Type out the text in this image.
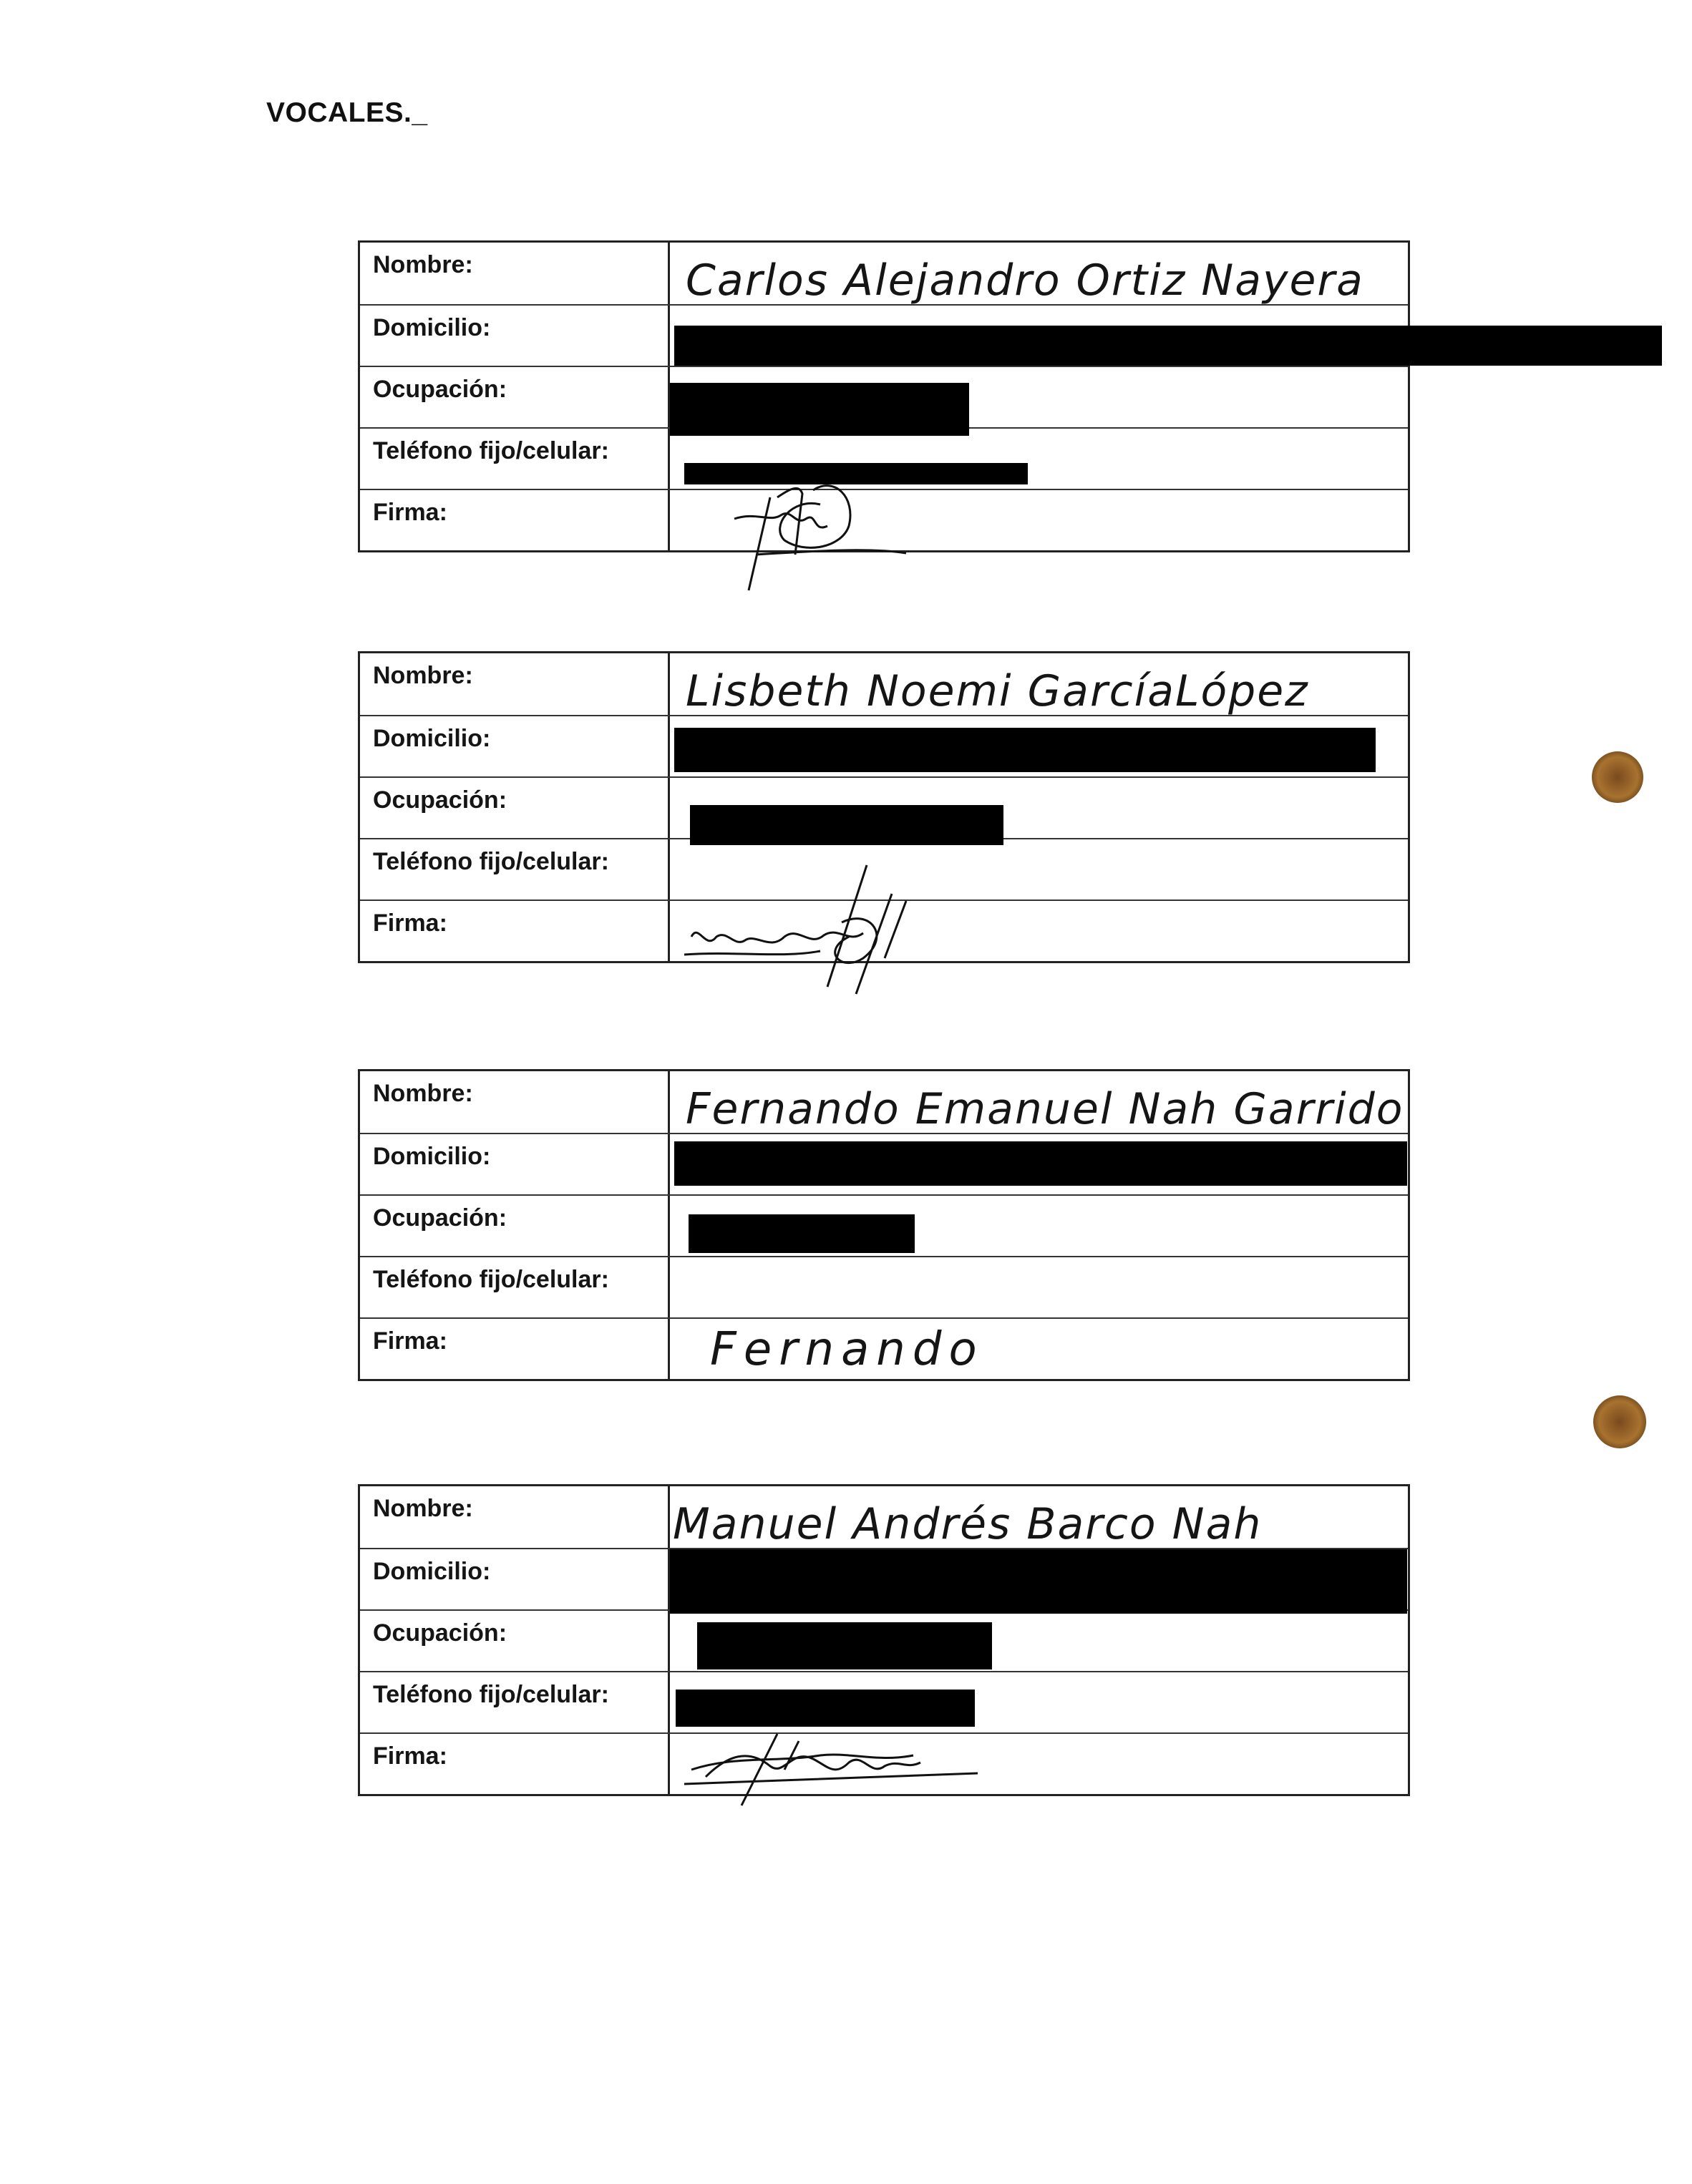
VOCALES._
Nombre:	Carlos Alejandro Ortiz Nayera
Domicilio:
Ocupación:
Teléfono fijo/celular:
Firma:
Nombre:	Lisbeth Noemi GarcíaLópez
Domicilio:
Ocupación:
Teléfono fijo/celular:
Firma:
Nombre:	Fernando Emanuel Nah Garrido
Domicilio:
Ocupación:
Teléfono fijo/celular:
Firma:	Fernando
Nombre:	Manuel Andrés Barco Nah
Domicilio:
Ocupación:
Teléfono fijo/celular:
Firma:
